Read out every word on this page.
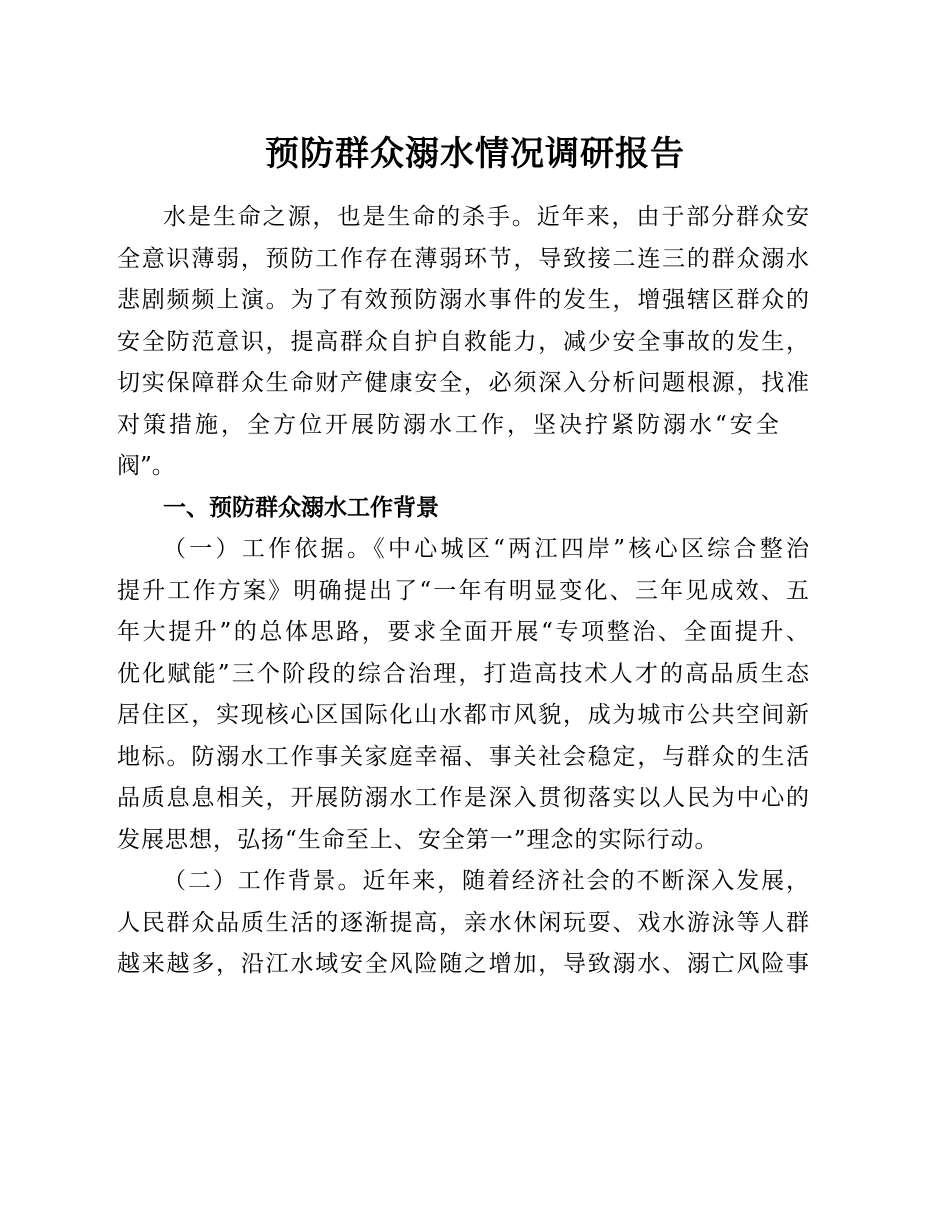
预防群众溺水情况调研报告
水是生命之源，也是生命的杀手。近年来，由于部分群众安
全意识薄弱，预防工作存在薄弱环节，导致接二连三的群众溺水
悲剧频频上演。为了有效预防溺水事件的发生，增强辖区群众的
安全防范意识，提高群众自护自救能力，减少安全事故的发生，
切实保障群众生命财产健康安全，必须深入分析问题根源，找准
对策措施，全方位开展防溺水工作，坚决拧紧防溺水“安全
阀”。
一、预防群众溺水工作背景
（一）工作依据。《中心城区“两江四岸”核心区综合整治
提升工作方案》明确提出了“一年有明显变化、三年见成效、五
年大提升”的总体思路，要求全面开展“专项整治、全面提升、
优化赋能”三个阶段的综合治理，打造高技术人才的高品质生态
居住区，实现核心区国际化山水都市风貌，成为城市公共空间新
地标。防溺水工作事关家庭幸福、事关社会稳定，与群众的生活
品质息息相关，开展防溺水工作是深入贯彻落实以人民为中心的
发展思想，弘扬“生命至上、安全第一”理念的实际行动。
（二）工作背景。近年来，随着经济社会的不断深入发展，
人民群众品质生活的逐渐提高，亲水休闲玩耍、戏水游泳等人群
越来越多，沿江水域安全风险随之增加，导致溺水、溺亡风险事
